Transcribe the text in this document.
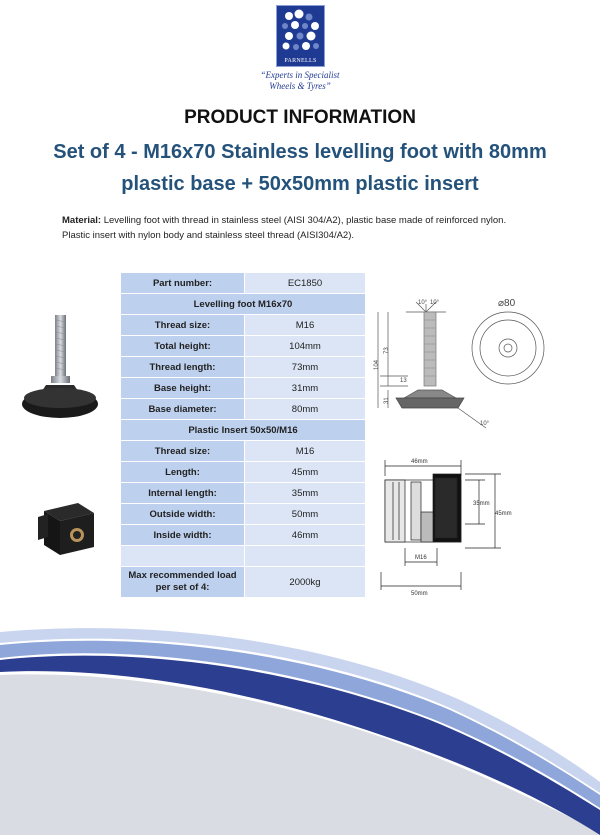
PARNELLS
“Experts in Specialist
Wheels & Tyres”
PRODUCT INFORMATION
Set of 4 - M16x70 Stainless levelling foot with 80mm
plastic base + 50x50mm plastic insert
Material: Levelling foot with thread in stainless steel (AISI 304/A2), plastic base made of reinforced nylon.
Plastic insert with nylon body and stainless steel thread (AISI304/A2).
Part number:	EC1850
Levelling foot M16x70	
Thread size:	M16
Total height:	104mm
Thread length:	73mm
Base height:	31mm
Base diameter:	80mm
Plastic Insert 50x50/M16	
Thread size:	M16
Length:	45mm
Internal length:	35mm
Outside width:	50mm
Inside width:	46mm

Max recommended load
per set of 4:	2000kg
10° 10°	⌀80
104
73
13
31
10°
46mm
35mm
45mm
M16
50mm
